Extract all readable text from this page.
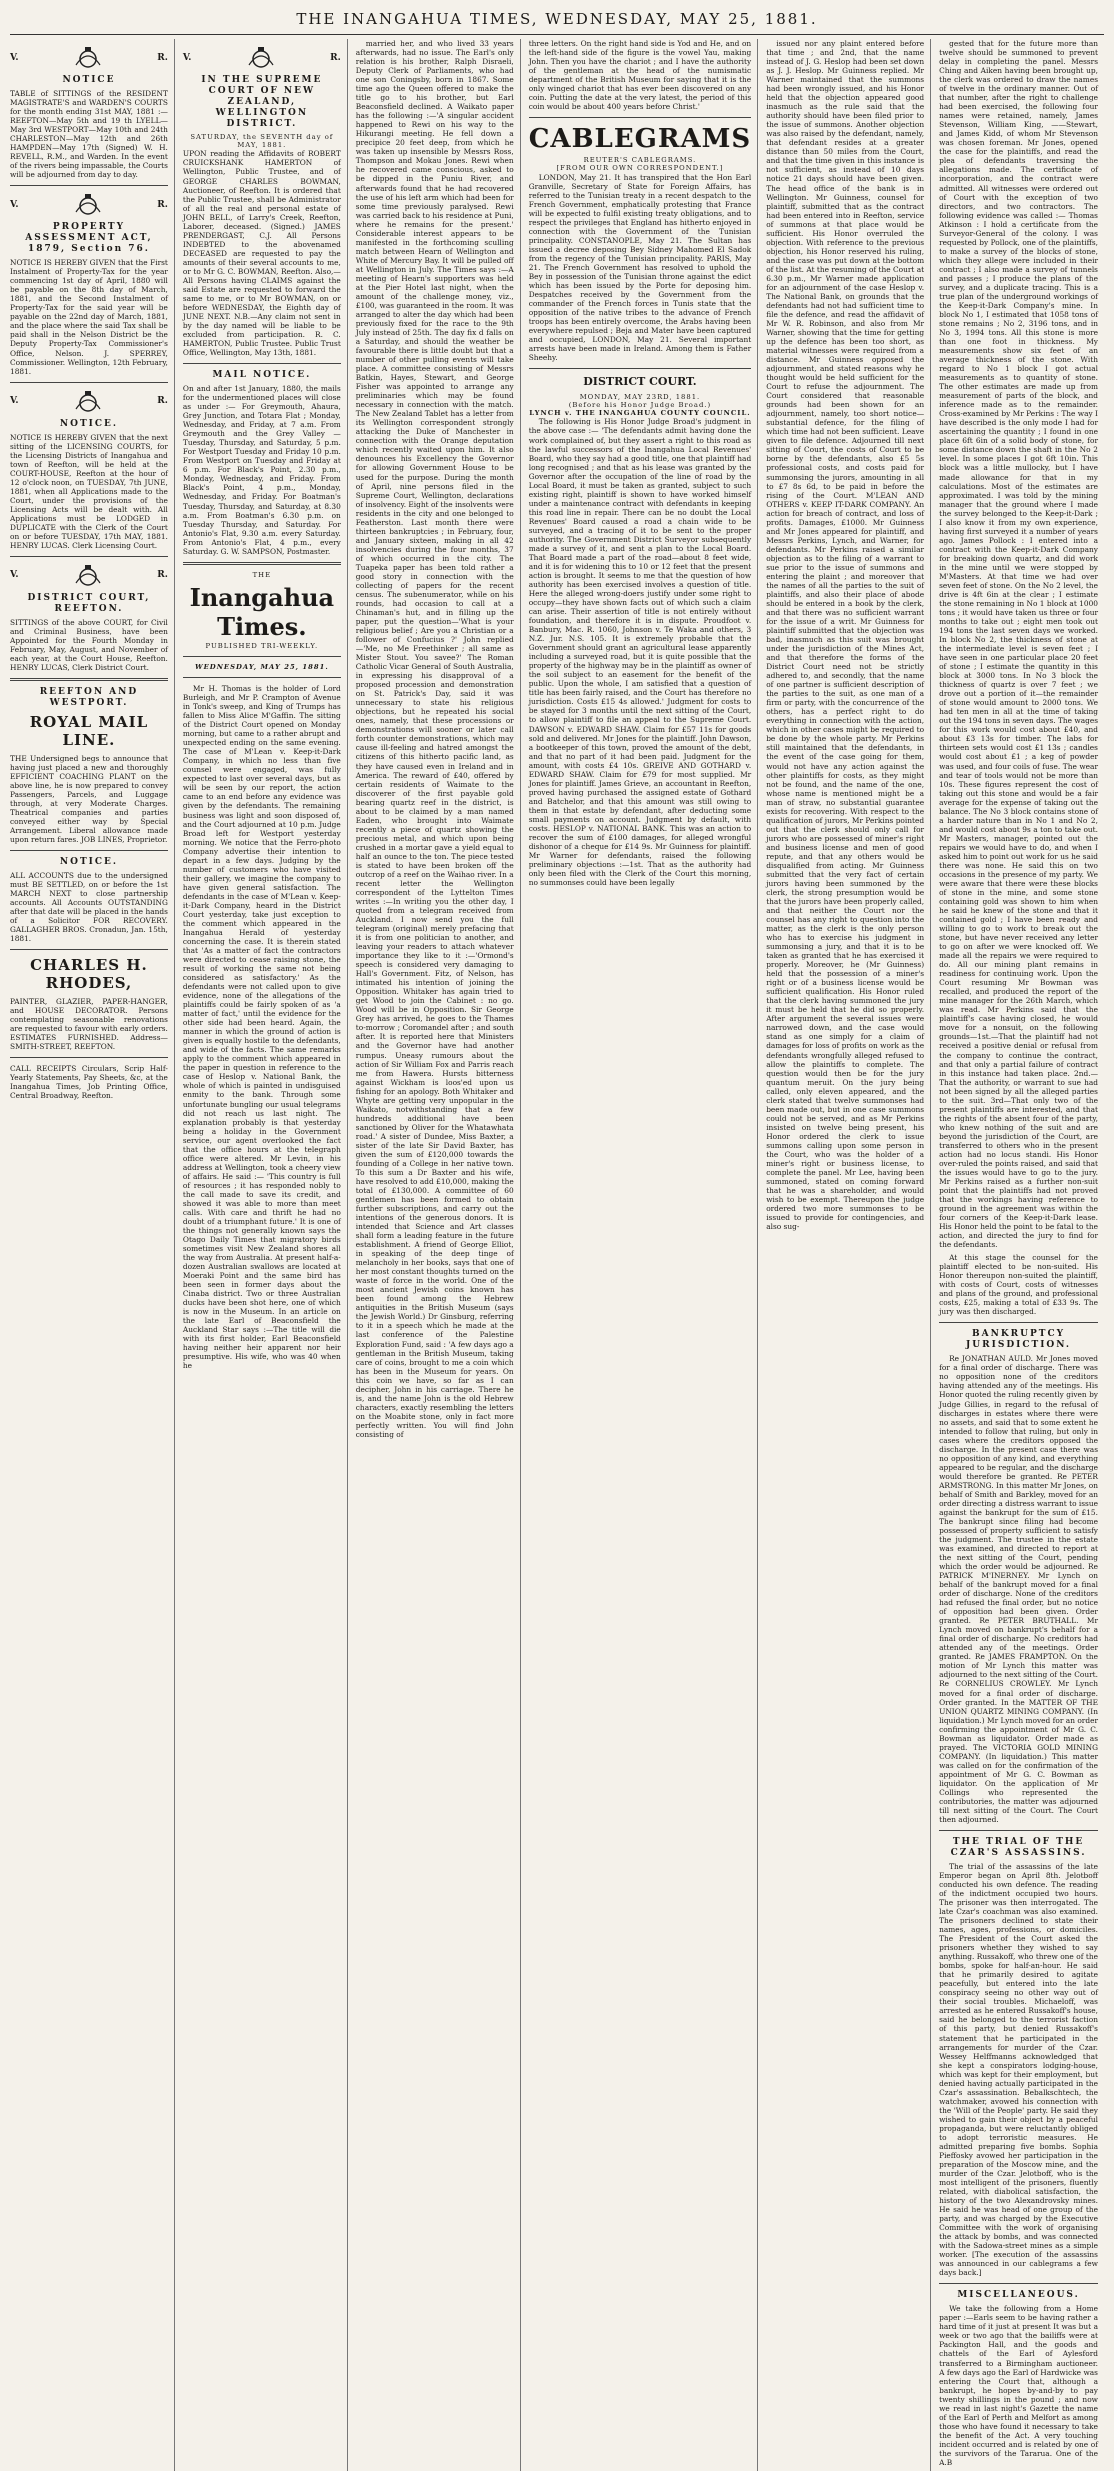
THE INANGAHUA TIMES, WEDNESDAY, MAY 25, 1881.
V.	R.
NOTICE

TABLE of SITTINGS of the RESIDENT MAGISTRATE'S and WARDEN'S COURTS for the month ending 31st MAY, 1881 :— REEFTON—May 5th and 19 th LYELL—May 3rd WESTPORT—May 10th and 24th CHARLESTON—May 12th and 26th HAMPDEN—May 17th (Signed) W. H. REVELL, R.M., and Warden. In the event of the rivers being impassable, the Courts will be adjourned from day to day.

V.	R.
PROPERTY ASSESSMENT ACT, 1879, Section 76.

NOTICE IS HEREBY GIVEN that the First Instalment of Property-Tax for the year commencing 1st day of April, 1880 will be payable on the 8th day of March, 1881, and the Second Instalment of Property-Tax for the said year will be payable on the 22nd day of March, 1881, and the place where the said Tax shall be paid shall in the Nelson District be the Deputy Property-Tax Commissioner's Office, Nelson. J. SPERREY, Commissioner. Wellington, 12th February, 1881.

V.	R.
NOTICE.

NOTICE IS HEREBY GIVEN that the next sitting of the LICENSING COURTS, for the Licensing Districts of Inangahua and town of Reefton, will be held at the COURT-HOUSE, Reefton at the hour of 12 o'clock noon, on TUESDAY, 7th JUNE, 1881, when all Applications made to the Court, under the provisions of the Licensing Acts will be dealt with. All Applications must be LODGED in DUPLICATE with the Clerk of the Court on or before TUESDAY, 17th MAY, 1881. HENRY LUCAS. Clerk Licensing Court.

V.	R.
DISTRICT COURT, REEFTON.

SITTINGS of the above COURT, for Civil and Criminal Business, have been Appointed for the Fourth Monday in February, May, August, and November of each year, at the Court House, Reefton. HENRY LUCAS, Clerk District Court.

REEFTON AND WESTPORT.
ROYAL MAIL LINE.

THE Undersigned begs to announce that having just placed a new and thoroughly EFFICIENT COACHING PLANT on the above line, he is now prepared to convey Passengers, Parcels, and Luggage through, at very Moderate Charges. Theatrical companies and parties conveyed either way by Special Arrangement. Liberal allowance made upon return fares. JOB LINES, Proprietor.

NOTICE.

ALL ACCOUNTS due to the undersigned must BE SETTLED, on or before the 1st MARCH NEXT to close partnership accounts. All Accounts OUTSTANDING after that date will be placed in the hands of a Solicitor FOR RECOVERY. GALLAGHER BROS. Cronadun, Jan. 15th, 1881.

CHARLES H. RHODES,

PAINTER, GLAZIER, PAPER-HANGER, and HOUSE DECORATOR. Persons contemplating seasonable renovations are requested to favour with early orders. ESTIMATES FURNISHED. Address—SMITH-STREET, REEFTON.

CALL RECEIPTS Circulars, Scrip Half-Yearly Statements, Pay Sheets, &c, at the Inangahua Times, Job Printing Office, Central Broadway, Reefton.

V.	R.
IN THE SUPREME COURT OF NEW ZEALAND, WELLINGTON DISTRICT.
SATURDAY, the SEVENTH day of MAY, 1881.

UPON reading the Affidavits of ROBERT CRUICKSHANK HAMERTON of Wellington, Public Trustee, and of GEORGE CHARLES BOWMAN, Auctioneer, of Reefton. It is ordered that the Public Trustee, shall be Administrator of all the real and personal estate of JOHN BELL, of Larry's Creek, Reefton, Laborer, deceased. (Signed.) JAMES PRENDERGAST, C.J. All Persons INDEBTED to the abovenamed DECEASED are requested to pay the amounts of their several accounts to me, or to Mr G. C. BOWMAN, Reefton. Also,— All Persons having CLAIMS against the said Estate are requested to forward the same to me, or to Mr BOWMAN, on or before WEDNESDAY, the Eighth day of JUNE NEXT. N.B.—Any claim not sent in by the day named will be liable to be excluded from participation. R. C. HAMERTON, Public Trustee. Public Trust Office, Wellington, May 13th, 1881.

MAIL NOTICE.

On and after 1st January, 1880, the mails for the undermentioned places will close as under :— For Greymouth, Ahaura, Grey Junction, and Totara Flat ; Monday, Wednesday, and Friday, at 7 a.m. From Greymouth and the Grey Valley —Tuesday, Thursday, and Saturday, 5 p.m. For Westport Tuesday and Friday 10 p.m. From Westport on Tuesday and Friday at 6 p.m. For Black's Point, 2.30 p.m., Monday, Wednesday, and Friday. From Black's Point, 4 p.m., Monday, Wednesday, and Friday. For Boatman's Tuesday, Thursday, and Saturday, at 8.30 a.m. From Boatman's 6.30 p.m. on Tuesday Thursday, and Saturday. For Antonio's Flat, 9.30 a.m. every Saturday. From Antonio's Flat, 4 p.m., every Saturday. G. W. SAMPSON, Postmaster.

THE
Inangahua Times.
PUBLISHED TRI-WEEKLY.
WEDNESDAY, MAY 25, 1881.

Mr H. Thomas is the holder of Lord Burleigh, and Mr P. Crampton of Avenue in Tonk's sweep, and King of Trumps has fallen to Miss Alice M'Gaffin. The sitting of the District Court opened on Monday morning, but came to a rather abrupt and unexpected ending on the same evening. The case of M'Lean v. Keep-it-Dark Company, in which no less than five counsel were engaged, was fully expected to last over several days, but as will be seen by our report, the action came to an end before any evidence was given by the defendants. The remaining business was light and soon disposed of, and the Court adjourned at 10 p.m. Judge Broad left for Westport yesterday morning. We notice that the Ferro-photo Company advertise their intention to depart in a few days. Judging by the number of customers who have visited their gallery, we imagine the company to have given general satisfaction. The defendants in the case of M'Lean v. Keep-it-Dark Company, heard in the District Court yesterday, take just exception to the comment which appeared in the Inangahua Herald of yesterday concerning the case. It is therein stated that 'As a matter of fact the contractors were directed to cease raising stone, the result of working the same not being considered as satisfactory.' As the defendants were not called upon to give evidence, none of the allegations of the plaintiffs could be fairly spoken of as 'a matter of fact,' until the evidence for the other side had been heard. Again, the manner in which the ground of action is given is equally hostile to the defendants, and wide of the facts. The same remarks apply to the comment which appeared in the paper in question in reference to the case of Heslop v. National Bank, the whole of which is painted in undisguised enmity to the bank. Through some unfortunate bungling our usual telegrams did not reach us last night. The explanation probably is that yesterday being a holiday in the Government service, our agent overlooked the fact that the office hours at the telegraph office were altered. Mr Levin, in his address at Wellington, took a cheery view of affairs. He said :— 'This country is full of resources ; it has responded nobly to the call made to save its credit, and showed it was able to more than meet calls. With care and thrift he had no doubt of a triumphant future.' It is one of the things not generally known says the Otago Daily Times that migratory birds sometimes visit New Zealand shores all the way from Australia. At present half-a-dozen Australian swallows are located at Moeraki Point and the same bird has been seen in former days about the Cinaba district. Two or three Australian ducks have been shot here, one of which is now in the Museum. In an article on the late Earl of Beaconsfield the Auckland Star says :—The title will die with its first holder, Earl Beaconsfield having neither heir apparent nor heir presumptive. His wife, who was 40 when he

married her, and who lived 33 years afterwards, had no issue. The Earl's only relation is his brother, Ralph Disraeli, Deputy Clerk of Parliaments, who had one son Coningsby, born in 1867. Some time ago the Queen offered to make the title go to his brother, but Earl Beaconsfield declined. A Waikato paper has the following :—'A singular accident happened to Rewi on his way to the Hikurangi meeting. He fell down a precipice 20 feet deep, from which he was taken up insensible by Messrs Ross, Thompson and Mokau Jones. Rewi when he recovered came conscious, asked to be dipped in the Puniu River, and afterwards found that he had recovered the use of his left arm which had been for some time previously paralysed. Rewi was carried back to his residence at Puni, where he remains for the present.' Considerable interest appears to be manifested in the forthcoming sculling match between Hearn of Wellington and White of Mercury Bay. It will be pulled off at Wellington in July. The Times says :—A meeting of Hearn's supporters was held at the Pier Hotel last night, when the amount of the challenge money, viz., £100, was guaranteed in the room. It was arranged to alter the day which had been previously fixed for the race to the 9th July instead of 25th. The day fix d falls on a Saturday, and should the weather be favourable there is little doubt but that a number of other pulling events will take place. A committee consisting of Messrs Batkin, Hayes, Stewart, and George Fisher was appointed to arrange any preliminaries which may be found necessary in connection with the match. The New Zealand Tablet has a letter from its Wellington correspondent strongly attacking the Duke of Manchester in connection with the Orange deputation which recently waited upon him. It also denounces his Excellency the Governor for allowing Government House to be used for the purpose. During the month of April, nine persons filed in the Supreme Court, Wellington, declarations of insolvency. Eight of the insolvents were residents in the city and one belonged to Featherston. Last month there were thirteen bankruptcies ; in February, four, and January sixteen, making in all 42 insolvencies during the four months, 37 of which occurred in the city. The Tuapeka paper has been told rather a good story in connection with the collecting of papers for the recent census. The subenumerator, while on his rounds, had occasion to call at a Chinaman's hut, and in filling up the paper, put the question—'What is your religious belief ; Are you a Christian or a follower of Confucius ?' John replied —'Me, no Me Freethinker ; all same as Mister Stout. You savee?' The Roman Catholic Vicar General of South Australia, in expressing his disapproval of a proposed procession and demonstration on St. Patrick's Day, said it was unnecessary to state his religious objections, but he repeated his social ones, namely, that these processions or demonstrations will sooner or later call forth counter demonstrations, which may cause ill-feeling and hatred amongst the citizens of this hitherto pacific land, as they have caused even in Ireland and in America. The reward of £40, offered by certain residents of Waimate to the discoverer of the first payable gold bearing quartz reef in the district, is about to be claimed by a man named Eaden, who brought into Waimate recently a piece of quartz showing the precious metal, and which upon being crushed in a mortar gave a yield equal to half an ounce to the ton. The piece tested is stated to have been broken off the outcrop of a reef on the Waihao river. In a recent letter the Wellington correspondent of the Lyttelton Times writes :—In writing you the other day, I quoted from a telegram received from Auckland. I now send you the full telegram (original) merely prefacing that it is from one politician to another, and leaving your readers to attach whatever importance they like to it :—'Ormond's speech is considered very damaging to Hall's Government. Fitz, of Nelson, has intimated his intention of joining the Opposition. Whitaker has again tried to get Wood to join the Cabinet : no go. Wood will be in Opposition. Sir George Grey has arrived, he goes to the Thames to-morrow ; Coromandel after ; and south after. It is reported here that Ministers and the Governor have had another rumpus. Uneasy rumours about the action of Sir William Fox and Parris reach me from Hawera. Hursts bitterness against Wickham is loos'ed upon us fishing for an apology. Both Whitaker and Whyte are getting very unpopular in the Waikato, notwithstanding that a few hundreds additional have been sanctioned by Oliver for the Whatawhata road.' A sister of Dundee, Miss Baxter, a sister of the late Sir David Baxter, has given the sum of £120,000 towards the founding of a College in her native town. To this sum a Dr Baxter and his wife, have resolved to add £10,000, making the total of £130,000. A committee of 60 gentlemen has been formed to obtain further subscriptions, and carry out the intentions of the generous donors. It is intended that Science and Art classes shall form a leading feature in the future establishment. A friend of George Elliot, in speaking of the deep tinge of melancholy in her books, says that one of her most constant thoughts turned on the waste of force in the world. One of the most ancient Jewish coins known has been found among the Hebrew antiquities in the British Museum (says the Jewish World.) Dr Ginsburg, referring to it in a speech which he made at the last conference of the Palestine Exploration Fund, said : 'A few days ago a gentleman in the British Museum, taking care of coins, brought to me a coin which has been in the Museum for years. On this coin we have, so far as I can decipher, John in his carriage. There he is, and the name John is the old Hebrew characters, exactly resembling the letters on the Moabite stone, only in fact more perfectly written. You will find John consisting of

three letters. On the right hand side is Yod and He, and on the left-hand side of the figure is the vowel Yau, making John. Then you have the chariot ; and I have the authority of the gentleman at the head of the numismatic department of the British Museum for saying that it is the only winged chariot that has ever been discovered on any coin. Putting the date at the very latest, the period of this coin would be about 400 years before Christ.'

CABLEGRAMS
REUTER'S CABLEGRAMS.
[FROM OUR OWN CORRESPONDENT.]

LONDON, May 21. It has transpired that the Hon Earl Granville, Secretary of State for Foreign Affairs, has referred to the Tunisian treaty in a recent despatch to the French Government, emphatically protesting that France will be expected to fulfil existing treaty obligations, and to respect the privileges that England has hitherto enjoyed in connection with the Government of the Tunisian principality. CONSTANOPLE, May 21. The Sultan has issued a decree deposing Bey Sidney Mahomed El Sadok from the regency of the Tunisian principality. PARIS, May 21. The French Government has resolved to uphold the Bey in possession of the Tunisian throne against the edict which has been issued by the Porte for deposing him. Despatches received by the Government from the commander of the French forces in Tunis state that the opposition of the native tribes to the advance of French troops has been entirely overcome, the Arabs having been everywhere repulsed ; Beja and Mater have been captured and occupied, LONDON, May 21. Several important arrests have been made in Ireland. Among them is Father Sheehy.

DISTRICT COURT.
MONDAY, MAY 23RD, 1881.
(Before his Honor Judge Broad.)
LYNCH v. THE INANGAHUA COUNTY COUNCIL.

The following is His Honor Judge Broad's judgment in the above case :— 'The defendants admit having done the work complained of, but they assert a right to this road as the lawful successors of the Inangahua Local Revenues' Board, who they say had a good title, one that plaintiff had long recognised ; and that as his lease was granted by the Governor after the occupation of the line of road by the Local Board, it must be taken as granted, subject to such existing right, plaintiff is shown to have worked himself under a maintenance contract with defendants in keeping this road line in repair. There can be no doubt the Local Revenues' Board caused a road a chain wide to be surveyed, and a tracing of it to be sent to the proper authority. The Government District Surveyor subsequently made a survey of it, and sent a plan to the Local Board. That Board made a part of the road—about 8 feet wide, and it is for widening this to 10 or 12 feet that the present action is brought. It seems to me that the question of how authority has been exercised involves a question of title. Here the alleged wrong-doers justify under some right to occupy—they have shown facts out of which such a claim can arise. Their assertion of title is not entirely without foundation, and therefore it is in dispute. Proudfoot v. Banbury, Mac. R. 1060, Johnson v. Te Waka and others, 3 N.Z. Jur. N.S. 105. It is extremely probable that the Government should grant an agricultural lease apparently including a surveyed road, but it is quite possible that the property of the highway may be in the plaintiff as owner of the soil subject to an easement for the benefit of the public. Upon the whole, I am satisfied that a question of title has been fairly raised, and the Court has therefore no jurisdiction. Costs £15 4s allowed.' Judgment for costs to be stayed for 3 months until the next sitting of the Court, to allow plaintiff to file an appeal to the Supreme Court. DAWSON v. EDWARD SHAW. Claim for £57 11s for goods sold and delivered. Mr Jones for the plaintiff. John Dawson, a bootkeeper of this town, proved the amount of the debt, and that no part of it had been paid. Judgment for the amount, with costs £4 10s. GREIVE AND GOTHARD v. EDWARD SHAW. Claim for £79 for most supplied. Mr Jones for plaintiff. James Grieve, an accountant in Reefton, proved having purchased the assigned estate of Gothard and Batchelor, and that this amount was still owing to them in that estate by defendant, after deducting some small payments on account. Judgment by default, with costs. HESLOP v. NATIONAL BANK. This was an action to recover the sum of £100 damages, for alleged wrongful dishonor of a cheque for £14 9s. Mr Guinness for plaintiff. Mr Warner for defendants, raised the following preliminary objections :—1st. That as the authority had only been filed with the Clerk of the Court this morning, no summonses could have been legally

issued nor any plaint entered before that time ; and 2nd, that the name instead of J. G. Heslop had been set down as J. J. Heslop. Mr Guinness replied. Mr Warner maintained that the summons had been wrongly issued, and his Honor held that the objection appeared good inasmuch as the rule said that the authority should have been filed prior to the issue of summons. Another objection was also raised by the defendant, namely, that defendant resides at a greater distance than 50 miles from the Court, and that the time given in this instance is not sufficient, as instead of 10 days notice 21 days should have been given. The head office of the bank is in Wellington. Mr Guinness, counsel for plaintiff, submitted that as the contract had been entered into in Reefton, service of summons at that place would be sufficient. His Honor overruled the objection. With reference to the previous objection, his Honor reserved his ruling, and the case was put down at the bottom of the list. At the resuming of the Court at 6.30 p.m., Mr Warner made application for an adjournment of the case Heslop v. The National Bank, on grounds that the defendants had not had sufficient time to file the defence, and read the affidavit of Mr W. R. Robinson, and also from Mr Warner, showing that the time for getting up the defence has been too short, as material witnesses were required from a distance. Mr Guinness opposed the adjournment, and stated reasons why he thought would be held sufficient for the Court to refuse the adjournment. The Court considered that reasonable grounds had been shown for an adjournment, namely, too short notice—substantial defence, for the filing of which time had not been sufficient. Leave given to file defence. Adjourned till next sitting of Court, the costs of Court to be borne by the defendants, also £5 5s professional costs, and costs paid for summonsing the jurors, amounting in all to £7 8s 6d, to be paid in before the rising of the Court. M'LEAN AND OTHERS v. KEEP IT-DARK COMPANY. An action for breach of contract, and loss of profits. Damages, £1000. Mr Guinness and Mr Jones appeared for plaintiff, and Messrs Perkins, Lynch, and Warner, for defendants. Mr Perkins raised a similar objection as to the filing of a warrant to sue prior to the issue of summons and entering the plaint ; and moreover that the names of all the parties to the suit of plaintiffs, and also their place of abode should be entered in a book by the clerk, and that there was no sufficient warrant for the issue of a writ. Mr Guinness for plaintiff submitted that the objection was bad, inasmuch as this suit was brought under the jurisdiction of the Mines Act, and that therefore the forms of the District Court need not be strictly adhered to, and secondly, that the name of one partner is sufficient description of the parties to the suit, as one man of a firm or party, with the concurrence of the others, has a perfect right to do everything in connection with the action, which in other cases might be required to be done by the whole party. Mr Perkins still maintained that the defendants, in the event of the case going for them, would not have any action against the other plaintiffs for costs, as they might not be found, and the name of the one, whose name is mentioned might be a man of straw, no substantial guarantee exists for recovering. With respect to the qualification of jurors, Mr Perkins pointed out that the clerk should only call for jurors who are possessed of miner's right and business license and men of good repute, and that any others would be disqualified from acting. Mr Guinness submitted that the very fact of certain jurors having been summoned by the clerk, the strong presumption would be that the jurors have been properly called, and that neither the Court nor the counsel has any right to question into the matter, as the clerk is the only person who has to exercise his judgment in summonsing a jury, and that it is to be taken as granted that he has exercised it properly. Moreover, he (Mr Guinness) held that the possession of a miner's right or of a business license would be sufficient qualification. His Honor ruled that the clerk having summoned the jury it must be held that he did so properly. After argument the several issues were narrowed down, and the case would stand as one simply for a claim of damages for loss of profits on work as the defendants wrongfully alleged refused to allow the plaintiffs to complete. The question would then be for the jury quantum meruit. On the jury being called, only eleven appeared, and the clerk stated that twelve summonses had been made out, but in one case summons could not be served, and as Mr Perkins insisted on twelve being present, his Honor ordered the clerk to issue summons calling upon some person in the Court, who was the holder of a miner's right or business license, to complete the panel. Mr Lee, having been summoned, stated on coming forward that he was a shareholder, and would wish to be exempt. Thereupon the judge ordered two more summonses to be issued to provide for contingencies, and also sug-

gested that for the future more than twelve should be summoned to prevent delay in completing the panel. Messrs Ching and Aiken having been brought up, the clerk was ordered to draw the names of twelve in the ordinary manner. Out of that number, after the right to challenge had been exercised, the following four names were retained, namely, James Stevenson, William King, ——Stewart, and James Kidd, of whom Mr Stevenson was chosen foreman. Mr Jones, opened the case for the plaintiffs, and read the plea of defendants traversing the allegations made. The certificate of incorporation, and the contract were admitted. All witnesses were ordered out of Court with the exception of two directors, and two contractors. The following evidence was called :— Thomas Atkinson : I hold a certificate from the Surveyor-General of the colony. I was requested by Pollock, one of the plaintiffs, to make a survey of the blocks of stone, which they allege were included in their contract ; I also made a survey of tunnels and passes ; I produce the plans of the survey, and a duplicate tracing. This is a true plan of the underground workings of the Keep-it-Dark Company's mine. In block No 1, I estimated that 1058 tons of stone remains ; No 2, 3196 tons, and in No 3, 1994 tons. All this stone is more than one foot in thickness. My measurements show six feet of an average thickness of the stone. With regard to No 1 block I got actual measurements as to quantity of stone. The other estimates are made up from measurement of parts of the block, and inference made as to the remainder. Cross-examined by Mr Perkins : The way I have described is the only mode I had for ascertaining the quantity ; I found in one place 6ft 6in of a solid body of stone, for some distance down the shaft in the No 2 level. In some places I got 6ft 10in. This block was a little mullocky, but I have made allowance for that in my calculations. Most of the estimates are approximated. I was told by the mining manager that the ground where I made the survey belonged to the Keep-it-Dark ; I also know it from my own experience, having first surveyed it a number of years ago. James Pollock : I entered into a contract with the Keep-it-Dark Company for breaking down quartz, and did work in the mine until we were stopped by M'Masters. At that time we had over seven feet of stone. On the No 2 level, the drive is 4ft 6in at the clear ; I estimate the stone remaining in No 1 block at 1000 tons ; it would have taken us three or four months to take out ; eight men took out 194 tons the last seven days we worked. In block No 2, the thickness of stone at the intermediate level is seven feet ; I have seen in one particular place 20 feet of stone ; I estimate the quantity in this block at 3000 tons. In No 3 block the thickness of quartz is over 7 feet ; we drove out a portion of it—the remainder of stone would amount to 2000 tons. We had ten men in all at the time of taking out the 194 tons in seven days. The wages for this work would cost about £40, and about £3 13s for timber. The labs for thirteen sets would cost £1 13s ; candles would cost about £1 ; a keg of powder was used, and four coils of fuse. The wear and tear of tools would not be more than 10s. These figures represent the cost of taking out this stone and would be a fair average for the expense of taking out the balance. The No 3 block contains stone of a harder nature than in No 1 and No 2, and would cost about 9s a ton to take out. Mr Masters, manager, pointed out the repairs we would have to do, and when I asked him to point out work for us he said there was none. He said this on two occasions in the presence of my party. We were aware that there were these blocks of stone in the mine, and some stone containing gold was shown to him when he said he knew of the stone and that it contained gold ; I have been ready and willing to go to work to break out the stone, but have never received any letter to go on after we were knocked off. We made all the repairs we were required to do. All our mining plant remains in readiness for continuing work. Upon the Court resuming Mr Bowman was recalled, and produced the report of the mine manager for the 26th March, which was read. Mr Perkins said that the plaintiff's case having closed, he would move for a nonsuit, on the following grounds—1st.—That the plaintiff had not received a positive denial or refusal from the company to continue the contract, and that only a partial failure of contract in this instance had taken place. 2nd.—That the authority, or warrant to sue had not been signed by all the alleged parties to the suit. 3rd—That only two of the present plaintiffs are interested, and that the rights of the absent four of the party, who knew nothing of the suit and are beyond the jurisdiction of the Court, are transferred to others who in the present action had no locus standi. His Honor over-ruled the points raised, and said that the issues would have to go to the jury. Mr Perkins raised as a further non-suit point that the plaintiffs had not proved that the workings having reference to ground in the agreement was within the four corners of the Keep-it-Dark lease. His Honor held the point to be fatal to the action, and directed the jury to find for the defendants.

At this stage the counsel for the plaintiff elected to be non-suited. His Honor thereupon non-suited the plaintiff, with costs of Court, costs of witnesses and plans of the ground, and professional costs, £25, making a total of £33 9s. The jury was then discharged.

BANKRUPTCY JURISDICTION.

Re JONATHAN AULD. Mr Jones moved for a final order of discharge. There was no opposition none of the creditors having attended any of the meetings. His Honor quoted the ruling recently given by Judge Gillies, in regard to the refusal of discharges in estates where there were no assets, and said that to some extent he intended to follow that ruling, but only in cases where the creditors opposed the discharge. In the present case there was no opposition of any kind, and everything appeared to be regular, and the discharge would therefore be granted. Re PETER ARMSTRONG. In this matter Mr Jones, on behalf of Smith and Barkley, moved for an order directing a distress warrant to issue against the bankrupt for the sum of £15. The bankrupt since filing had become possessed of property sufficient to satisfy the judgment. The trustee in the estate was examined, and directed to report at the next sitting of the Court, pending which the order would be adjourned. Re PATRICK M'INERNEY. Mr Lynch on behalf of the bankrupt moved for a final order of discharge. None of the creditors had refused the final order, but no notice of opposition had been given. Order granted. Re PETER BRUTHALL. Mr Lynch moved on bankrupt's behalf for a final order of discharge. No creditors had attended any of the meetings. Order granted. Re JAMES FRAMPTON. On the motion of Mr Lynch this matter was adjourned to the next sitting of the Court. Re CORNELIUS CROWLEY. Mr Lynch moved for a final order of discharge. Order granted. In the MATTER OF THE UNION QUARTZ MINING COMPANY. (In liquidation.) Mr Lynch moved for an order confirming the appointment of Mr G. C. Bowman as liquidator. Order made as prayed. The VICTORIA GOLD MINING COMPANY. (In liquidation.) This matter was called on for the confirmation of the appointment of Mr G. C. Bowman as liquidator. On the application of Mr Collings who represented the contributories, the matter was adjourned till next sitting of the Court. The Court then adjourned.

THE TRIAL OF THE CZAR'S ASSASSINS.

The trial of the assassins of the late Emperor began on April 8th. Jelotboff conducted his own defence. The reading of the indictment occupied two hours. The prisoner was then interrogated. The late Czar's coachman was also examined. The prisoners declined to state their names, ages, professions, or domiciles. The President of the Court asked the prisoners whether they wished to say anything. Russakoff, who threw one of the bombs, spoke for half-an-hour. He said that he primarily desired to agitate peacefully, but entered into the late conspiracy seeing no other way out of their social troubles. Michaeloff, was arrested as he entered Russakoff's house, said he belonged to the terrorist faction of this party, but denied Russakoff's statement that he participated in the arrangements for murder of the Czar. Wessey Helffmanns acknowledged that she kept a conspirators lodging-house, which was kept for their employment, but denied having actually participated in the Czar's assassination. Bebalkschtech, the watchmaker, avowed his connection with the 'Will of the People' party. He said they wished to gain their object by a peaceful propaganda, but were reluctantly obliged to adopt terroristic measures. He admitted preparing five bombs. Sophia Pieffosky avowed her participation in the preparation of the Moscow mine, and the murder of the Czar. Jelotboff, who is the most intelligent of the prisoners, fluently related, with diabolical satisfaction, the history of the two Alexandrovsky mines. He said he was head of one group of the party, and was charged by the Executive Committee with the work of organising the attack by bombs, and was connected with the Sadowa-street mines as a simple worker. [The execution of the assassins was announced in our cablegrams a few days back.]

MISCELLANEOUS.

We take the following from a Home paper :—Earls seem to be having rather a hard time of it just at present It was but a week or two ago that the bailiffs were at Packington Hall, and the goods and chattels of the Earl of Aylesford transferred to a Birmingham auctioneer. A few days ago the Earl of Hardwicke was entering the Court that, although a bankrupt, he hopes by-and-by to pay twenty shillings in the pound ; and now we read in last night's Gazette the name of the Earl of Perth and Melfort as among those who have found it necessary to take the benefit of the Act. A very touching incident occurred and is related by one of the survivors of the Tararua. One of the A.B
